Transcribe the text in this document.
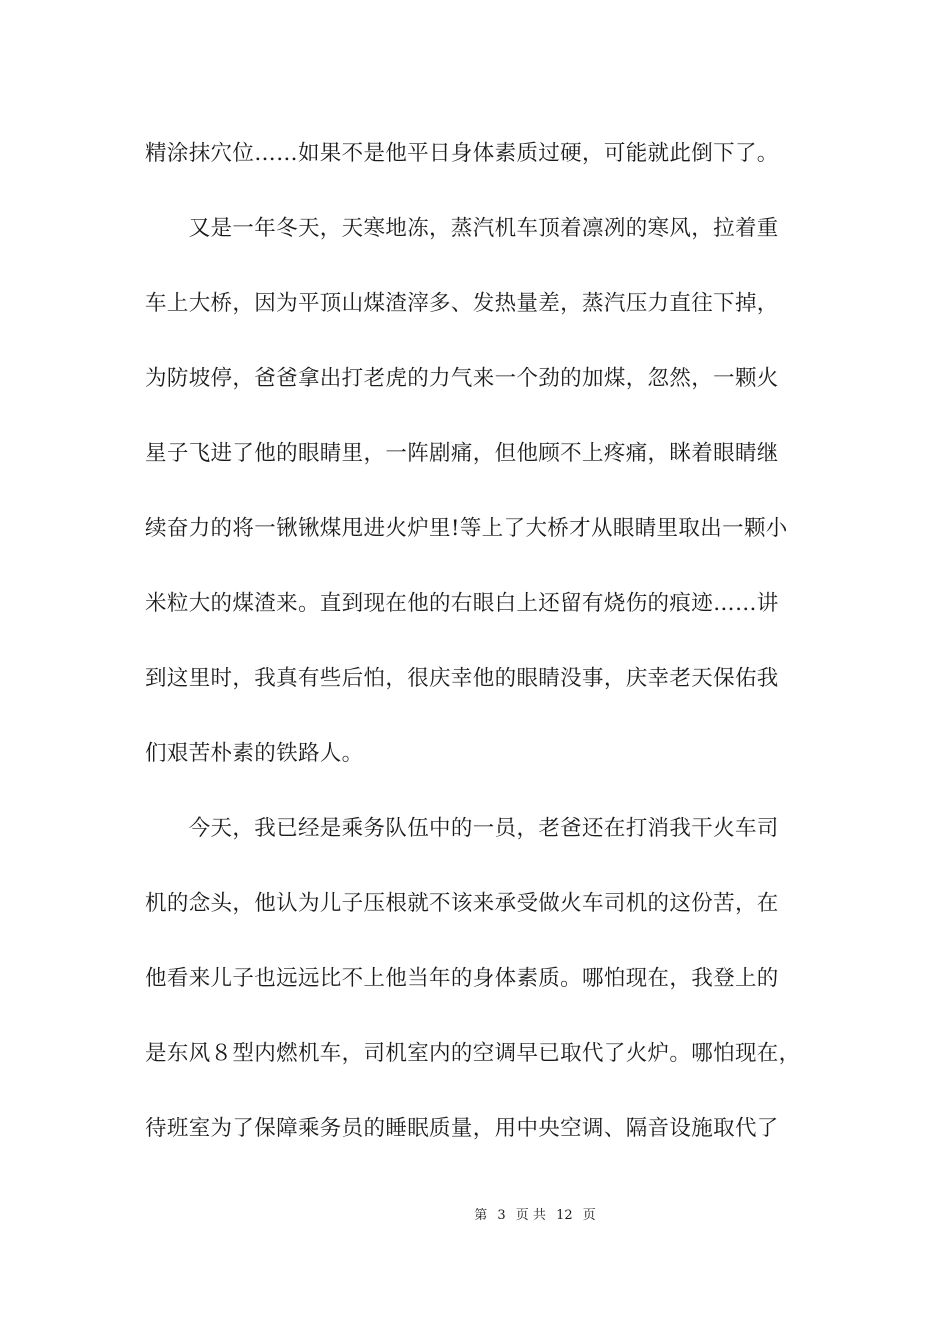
精涂抹穴位……如果不是他平日身体素质过硬，可能就此倒下了。
　　又是一年冬天，天寒地冻，蒸汽机车顶着凛冽的寒风，拉着重
车上大桥，因为平顶山煤渣滓多、发热量差，蒸汽压力直往下掉，
为防坡停，爸爸拿出打老虎的力气来一个劲的加煤，忽然，一颗火
星子飞进了他的眼睛里，一阵剧痛，但他顾不上疼痛，眯着眼睛继
续奋力的将一锹锹煤甩进火炉里!等上了大桥才从眼睛里取出一颗小
米粒大的煤渣来。直到现在他的右眼白上还留有烧伤的痕迹……讲
到这里时，我真有些后怕，很庆幸他的眼睛没事，庆幸老天保佑我
们艰苦朴素的铁路人。
　　今天，我已经是乘务队伍中的一员，老爸还在打消我干火车司
机的念头，他认为儿子压根就不该来承受做火车司机的这份苦，在
他看来儿子也远远比不上他当年的身体素质。哪怕现在，我登上的
是东风８型内燃机车，司机室内的空调早已取代了火炉。哪怕现在，
待班室为了保障乘务员的睡眠质量，用中央空调、隔音设施取代了
第 3 页 共 12 页
